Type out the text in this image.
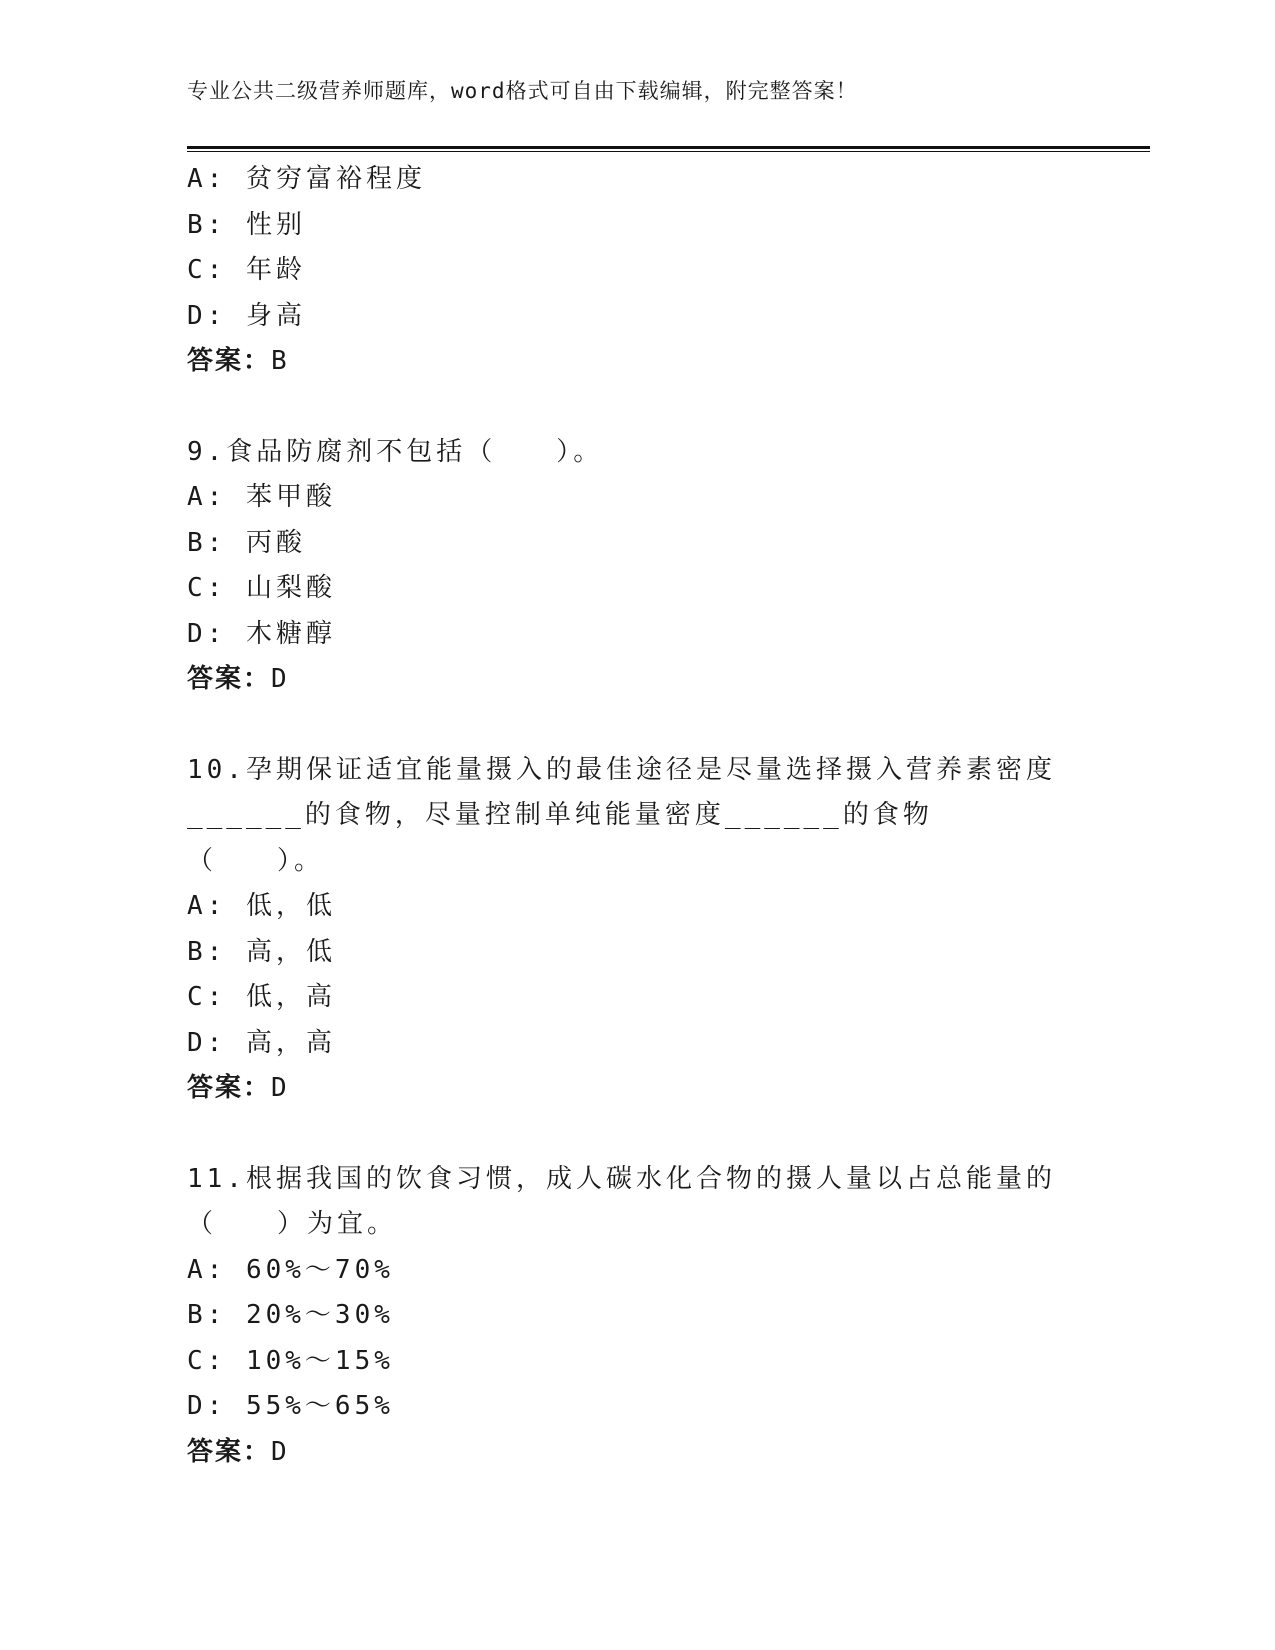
专业公共二级营养师题库，word格式可自由下载编辑，附完整答案！
A: 贫穷富裕程度
B: 性别
C: 年龄
D: 身高
答案：B
9.食品防腐剂不包括（　　）。
A: 苯甲酸
B: 丙酸
C: 山梨酸
D: 木糖醇
答案：D
10.孕期保证适宜能量摄入的最佳途径是尽量选择摄入营养素密度______的食物，尽量控制单纯能量密度______的食物（　　）。
A: 低，低
B: 高，低
C: 低，高
D: 高，高
答案：D
11.根据我国的饮食习惯，成人碳水化合物的摄人量以占总能量的（　　）为宜。
A: 60%～70%
B: 20%～30%
C: 10%～15%
D: 55%～65%
答案：D
